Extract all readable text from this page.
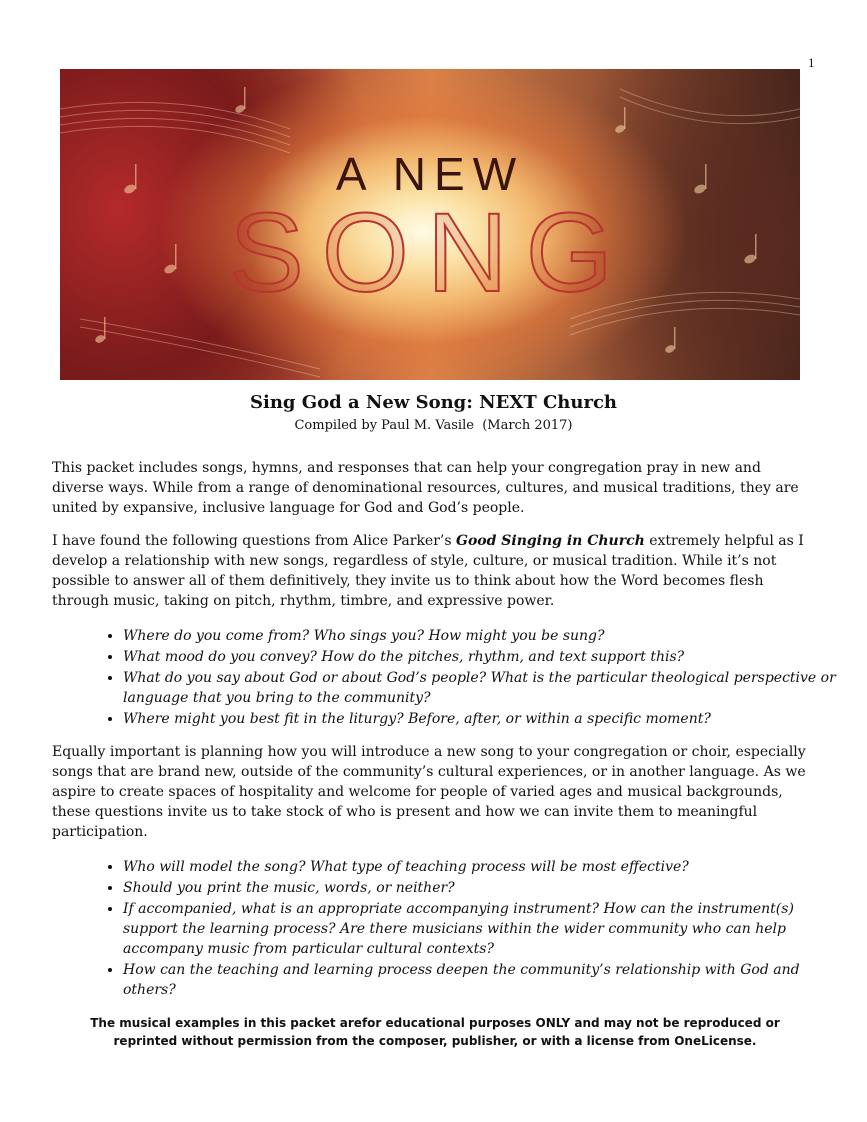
1
A NEW
SONG
Sing God a New Song: NEXT Church
Compiled by Paul M. Vasile  (March 2017)
This packet includes songs, hymns, and responses that can help your congregation pray in new and diverse ways. While from a range of denominational resources, cultures, and musical traditions, they are united by expansive, inclusive language for God and God’s people.
I have found the following questions from Alice Parker’s Good Singing in Church extremely helpful as I develop a relationship with new songs, regardless of style, culture, or musical tradition. While it’s not possible to answer all of them definitively, they invite us to think about how the Word becomes flesh through music, taking on pitch, rhythm, timbre, and expressive power.
• Where do you come from? Who sings you? How might you be sung?
• What mood do you convey? How do the pitches, rhythm, and text support this?
• What do you say about God or about God’s people? What is the particular theological perspective or language that you bring to the community?
• Where might you best fit in the liturgy? Before, after, or within a specific moment?
Equally important is planning how you will introduce a new song to your congregation or choir, especially songs that are brand new, outside of the community’s cultural experiences, or in another language. As we aspire to create spaces of hospitality and welcome for people of varied ages and musical backgrounds, these questions invite us to take stock of who is present and how we can invite them to meaningful participation.
• Who will model the song? What type of teaching process will be most effective?
• Should you print the music, words, or neither?
• If accompanied, what is an appropriate accompanying instrument? How can the instrument(s) support the learning process? Are there musicians within the wider community who can help accompany music from particular cultural contexts?
• How can the teaching and learning process deepen the community’s relationship with God and others?
The musical examples in this packet arefor educational purposes ONLY and may not be reproduced or reprinted without permission from the composer, publisher, or with a license from OneLicense.
